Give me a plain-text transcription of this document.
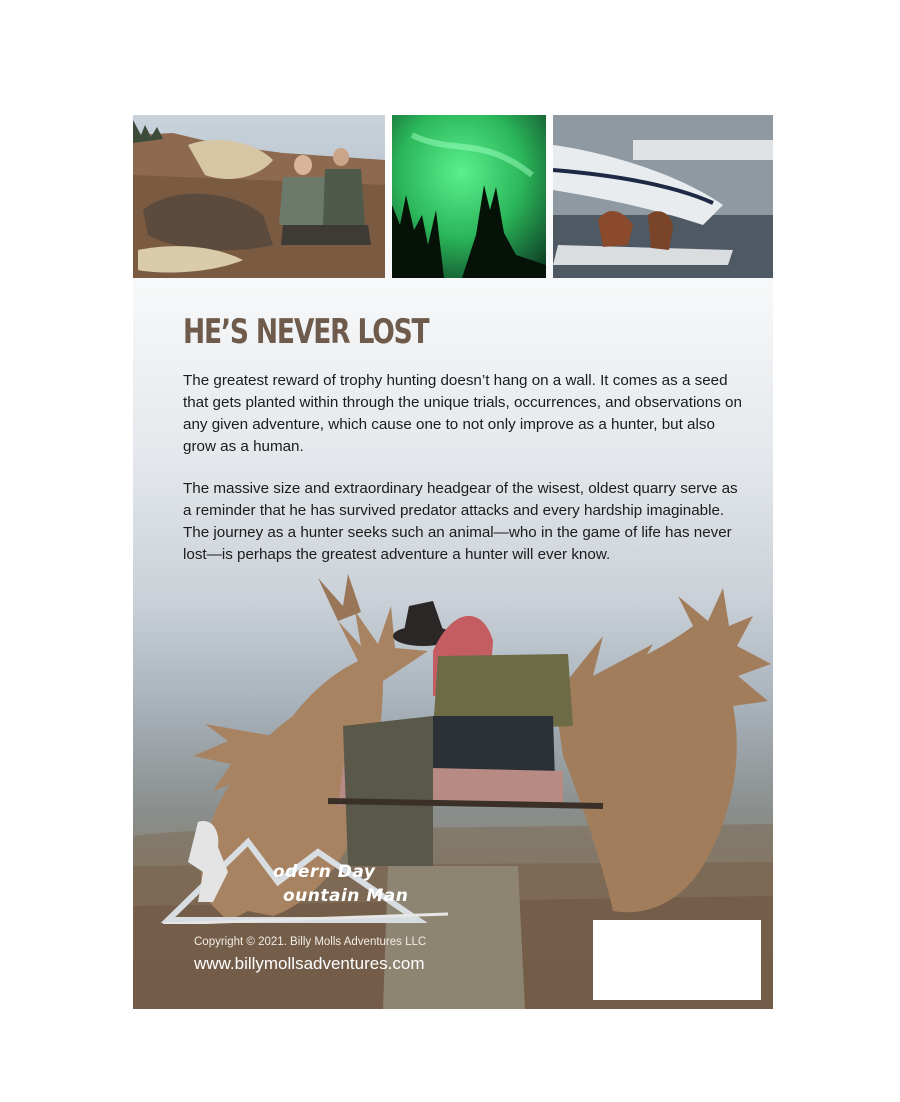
HE’S NEVER LOST

The greatest reward of trophy hunting doesn’t hang on a wall. It comes as a seed that gets planted within through the unique trials, occurrences, and observations on any given adventure, which cause one to not only improve as a hunter, but also grow as a human.

The massive size and extraordinary headgear of the wisest, oldest quarry serve as a reminder that he has survived predator attacks and every hardship imaginable. The journey as a hunter seeks such an animal—who in the game of life has never lost—is perhaps the greatest adventure a hunter will ever know.

odern Day
ountain Man

Copyright © 2021. Billy Molls Adventures LLC

www.billymollsadventures.com
